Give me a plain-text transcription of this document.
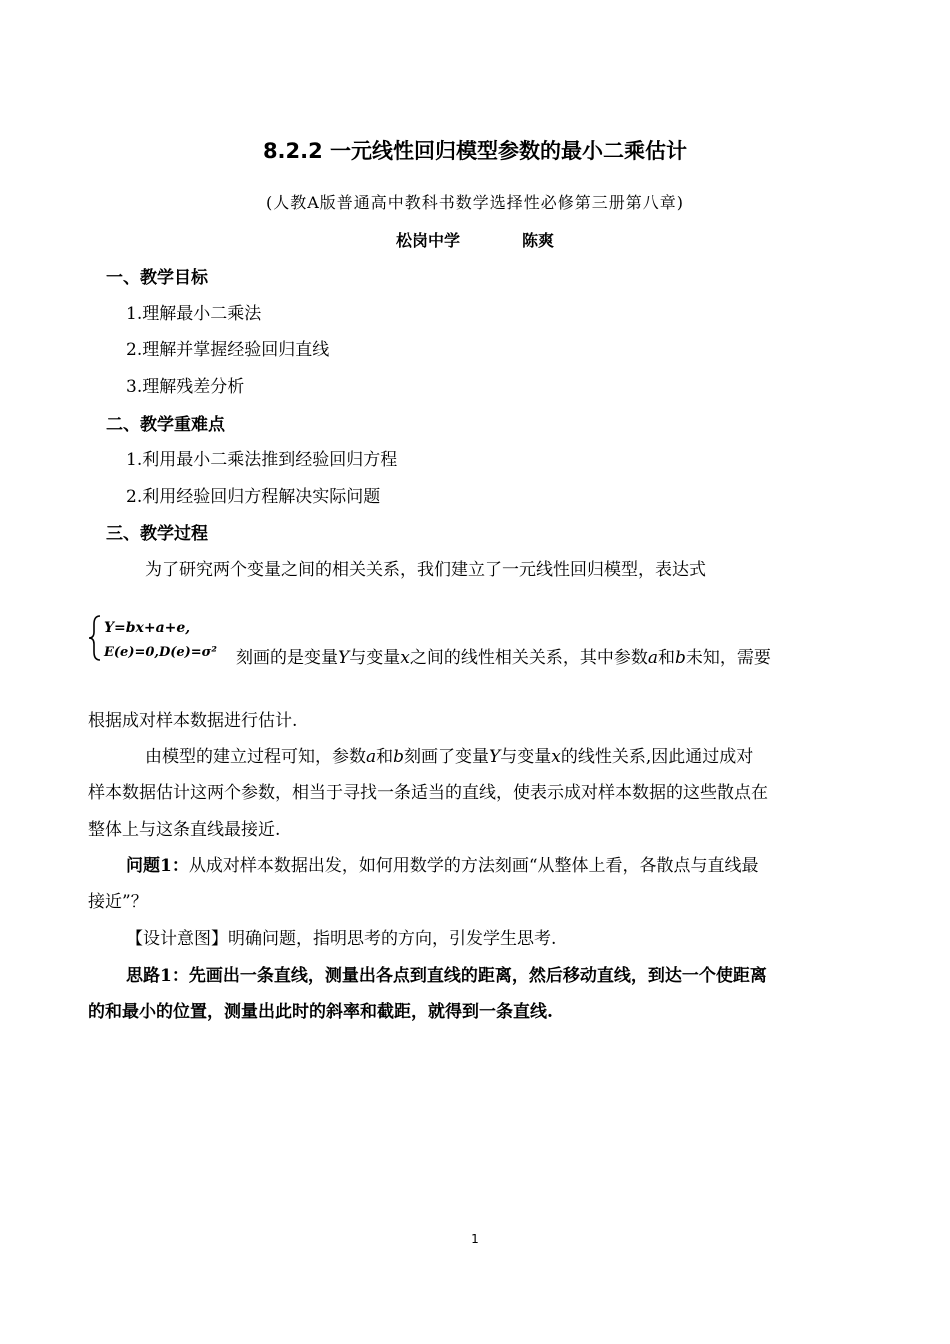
8.2.2 一元线性回归模型参数的最小二乘估计
(人教A版普通高中教科书数学选择性必修第三册第八章)
松岗中学	陈爽
一、教学目标
1.理解最小二乘法
2.理解并掌握经验回归直线
3.理解残差分析
二、教学重难点
1.利用最小二乘法推到经验回归方程
2.利用经验回归方程解决实际问题
三、教学过程
为了研究两个变量之间的相关关系，我们建立了一元线性回归模型，表达式
Y=bx+a+e,
E(e)=0,D(e)=σ² 刻画的是变量Y与变量x之间的线性相关关系，其中参数a和b未知，需要
根据成对样本数据进行估计.
由模型的建立过程可知，参数a和b刻画了变量Y与变量x的线性关系,因此通过成对
样本数据估计这两个参数，相当于寻找一条适当的直线，使表示成对样本数据的这些散点在
整体上与这条直线最接近.
问题1：从成对样本数据出发，如何用数学的方法刻画“从整体上看，各散点与直线最
接近”？
【设计意图】明确问题，指明思考的方向，引发学生思考.
思路1：先画出一条直线，测量出各点到直线的距离，然后移动直线，到达一个使距离
的和最小的位置，测量出此时的斜率和截距，就得到一条直线.
1
